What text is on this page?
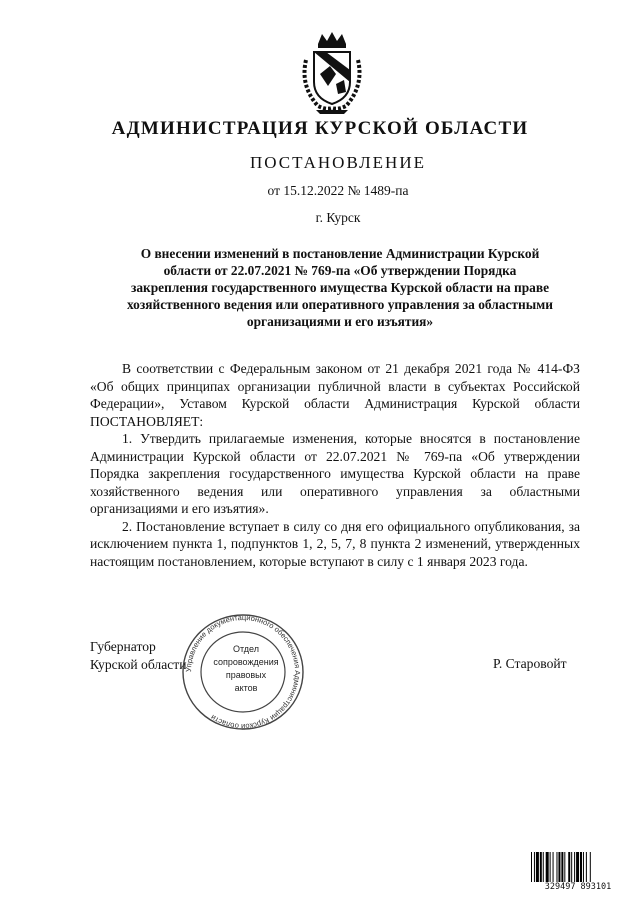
АДМИНИСТРАЦИЯ КУРСКОЙ ОБЛАСТИ
ПОСТАНОВЛЕНИЕ
от 15.12.2022 № 1489-па
г. Курск
О внесении изменений в постановление Администрации Курской
области от 22.07.2021 № 769-па «Об утверждении Порядка
закрепления государственного имущества Курской области на праве
хозяйственного ведения или оперативного управления за областными
организациями и его изъятия»

В соответствии с Федеральным законом от 21 декабря 2021 года № 414-ФЗ «Об общих принципах организации публичной власти в субъектах Российской Федерации», Уставом Курской области Администрация Курской области ПОСТАНОВЛЯЕТ:

1. Утвердить прилагаемые изменения, которые вносятся в постановление Администрации Курской области от 22.07.2021 № 769-па «Об утверждении Порядка закрепления государственного имущества Курской области на праве хозяйственного ведения или оперативного управления за областными организациями и его изъятия».

2. Постановление вступает в силу со дня его официального опубликования, за исключением пункта 1, подпунктов 1, 2, 5, 7, 8 пункта 2 изменений, утвержденных настоящим постановлением, которые вступают в силу с 1 января 2023 года.

Губернатор
Курской области	Р. Старовойт
Управление документационного обеспечения Администрации Курской области
Отдел
сопровождения
правовых
актов
329497 893101
